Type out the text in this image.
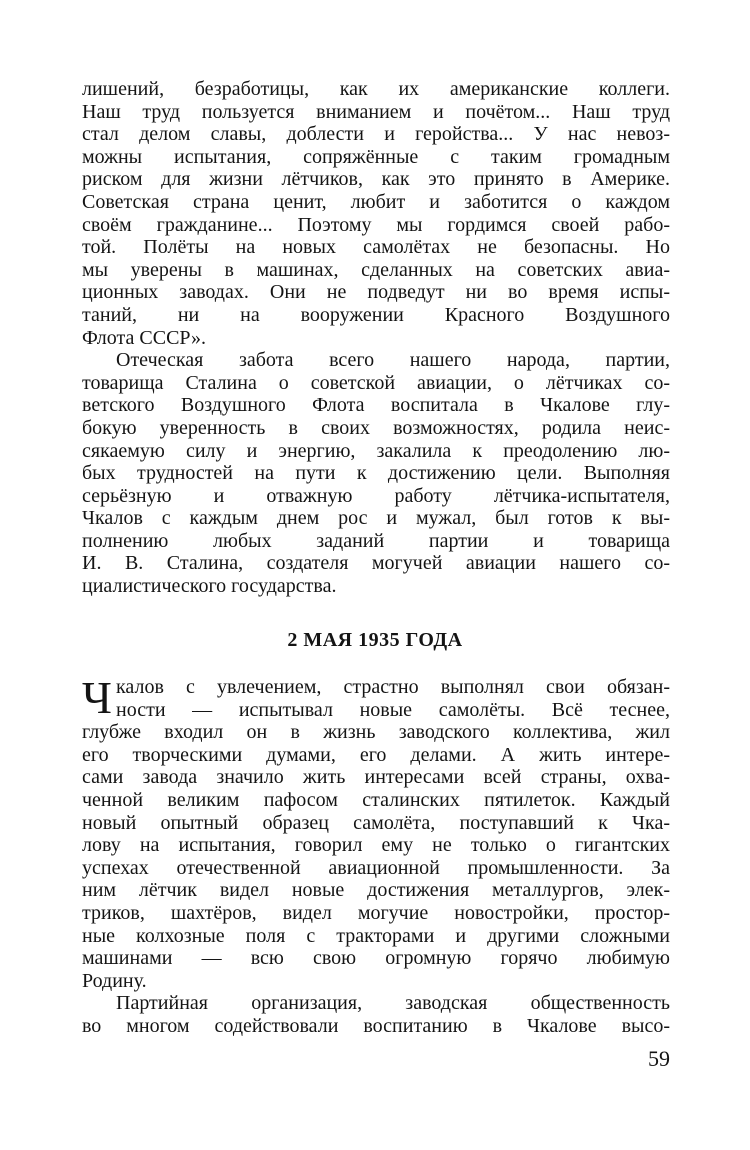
лишений, безработицы, как их американские коллеги.
Наш труд пользуется вниманием и почётом... Наш труд
стал делом славы, доблести и геройства... У нас невоз-
можны испытания, сопряжённые с таким громадным
риском для жизни лётчиков, как это принято в Америке.
Советская страна ценит, любит и заботится о каждом
своём гражданине... Поэтому мы гордимся своей рабо-
той. Полёты на новых самолётах не безопасны. Но
мы уверены в машинах, сделанных на советских авиа-
ционных заводах. Они не подведут ни во время испы-
таний, ни на вооружении Красного Воздушного
Флота СССР».
Отеческая забота всего нашего народа, партии,
товарища Сталина о советской авиации, о лётчиках со-
ветского Воздушного Флота воспитала в Чкалове глу-
бокую уверенность в своих возможностях, родила неис-
сякаемую силу и энергию, закалила к преодолению лю-
бых трудностей на пути к достижению цели. Выполняя
серьёзную и отважную работу лётчика-испытателя,
Чкалов с каждым днем рос и мужал, был готов к вы-
полнению любых заданий партии и товарища
И. В. Сталина, создателя могучей авиации нашего со-
циалистического государства.
2 МАЯ 1935 ГОДА
Ч калов с увлечением, страстно выполнял свои обязан-
ности — испытывал новые самолёты. Всё теснее,
глубже входил он в жизнь заводского коллектива, жил
его творческими думами, его делами. А жить интере-
сами завода значило жить интересами всей страны, охва-
ченной великим пафосом сталинских пятилеток. Каждый
новый опытный образец самолёта, поступавший к Чка-
лову на испытания, говорил ему не только о гигантских
успехах отечественной авиационной промышленности. За
ним лётчик видел новые достижения металлургов, элек-
триков, шахтёров, видел могучие новостройки, простор-
ные колхозные поля с тракторами и другими сложными
машинами — всю свою огромную горячо любимую
Родину.
Партийная организация, заводская общественность
во многом содействовали воспитанию в Чкалове высо-
59
